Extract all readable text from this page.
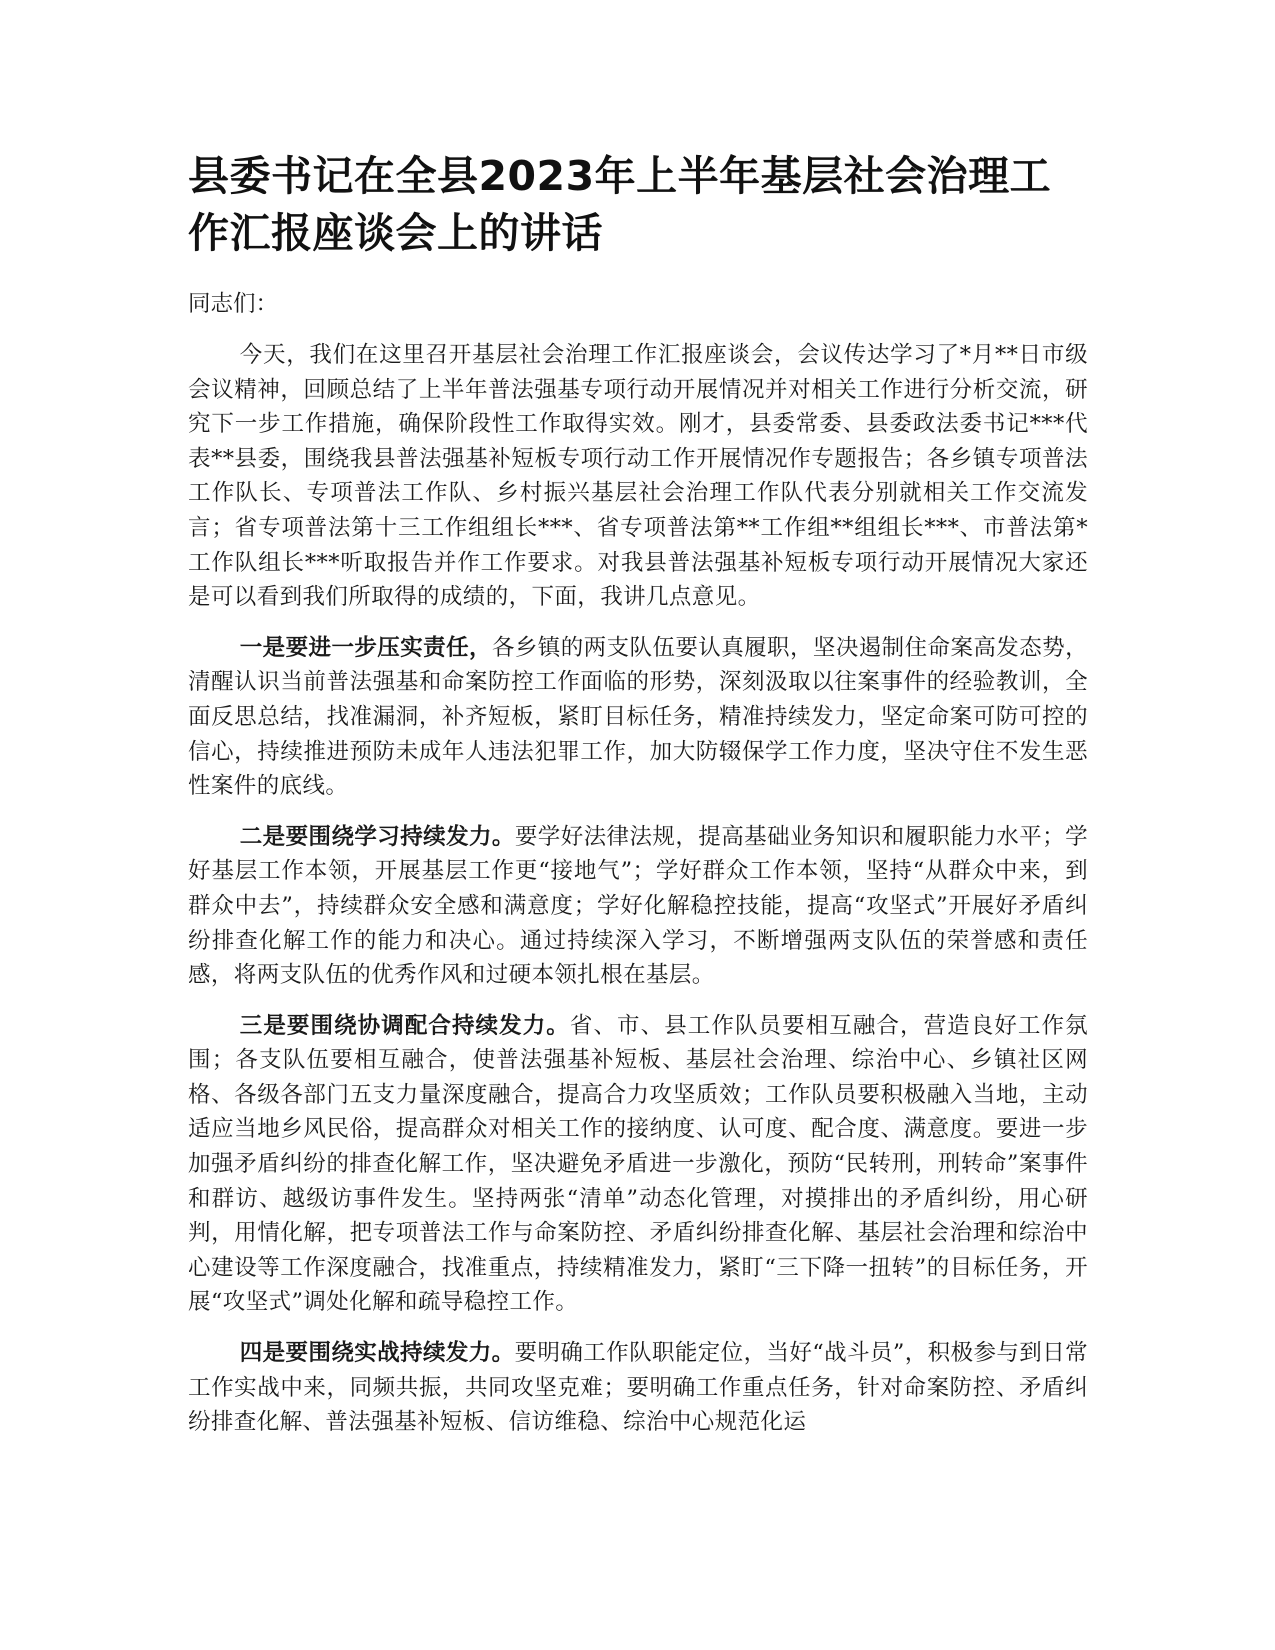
县委书记在全县2023年上半年基层社会治理工作汇报座谈会上的讲话

同志们：

今天，我们在这里召开基层社会治理工作汇报座谈会，会议传达学习了*月**日市级会议精神，回顾总结了上半年普法强基专项行动开展情况并对相关工作进行分析交流，研究下一步工作措施，确保阶段性工作取得实效。刚才，县委常委、县委政法委书记***代表**县委，围绕我县普法强基补短板专项行动工作开展情况作专题报告；各乡镇专项普法工作队长、专项普法工作队、乡村振兴基层社会治理工作队代表分别就相关工作交流发言；省专项普法第十三工作组组长***、省专项普法第**工作组**组组长***、市普法第*工作队组长***听取报告并作工作要求。对我县普法强基补短板专项行动开展情况大家还是可以看到我们所取得的成绩的，下面，我讲几点意见。

一是要进一步压实责任，各乡镇的两支队伍要认真履职，坚决遏制住命案高发态势，清醒认识当前普法强基和命案防控工作面临的形势，深刻汲取以往案事件的经验教训，全面反思总结，找准漏洞，补齐短板，紧盯目标任务，精准持续发力，坚定命案可防可控的信心，持续推进预防未成年人违法犯罪工作，加大防辍保学工作力度，坚决守住不发生恶性案件的底线。

二是要围绕学习持续发力。要学好法律法规，提高基础业务知识和履职能力水平；学好基层工作本领，开展基层工作更“接地气”；学好群众工作本领，坚持“从群众中来，到群众中去”，持续群众安全感和满意度；学好化解稳控技能，提高“攻坚式”开展好矛盾纠纷排查化解工作的能力和决心。通过持续深入学习，不断增强两支队伍的荣誉感和责任感，将两支队伍的优秀作风和过硬本领扎根在基层。

三是要围绕协调配合持续发力。省、市、县工作队员要相互融合，营造良好工作氛围；各支队伍要相互融合，使普法强基补短板、基层社会治理、综治中心、乡镇社区网格、各级各部门五支力量深度融合，提高合力攻坚质效；工作队员要积极融入当地，主动适应当地乡风民俗，提高群众对相关工作的接纳度、认可度、配合度、满意度。要进一步加强矛盾纠纷的排查化解工作，坚决避免矛盾进一步激化，预防“民转刑，刑转命”案事件和群访、越级访事件发生。坚持两张“清单”动态化管理，对摸排出的矛盾纠纷，用心研判，用情化解，把专项普法工作与命案防控、矛盾纠纷排查化解、基层社会治理和综治中心建设等工作深度融合，找准重点，持续精准发力，紧盯“三下降一扭转”的目标任务，开展“攻坚式”调处化解和疏导稳控工作。

四是要围绕实战持续发力。要明确工作队职能定位，当好“战斗员”，积极参与到日常工作实战中来，同频共振，共同攻坚克难；要明确工作重点任务，针对命案防控、矛盾纠纷排查化解、普法强基补短板、信访维稳、综治中心规范化运
